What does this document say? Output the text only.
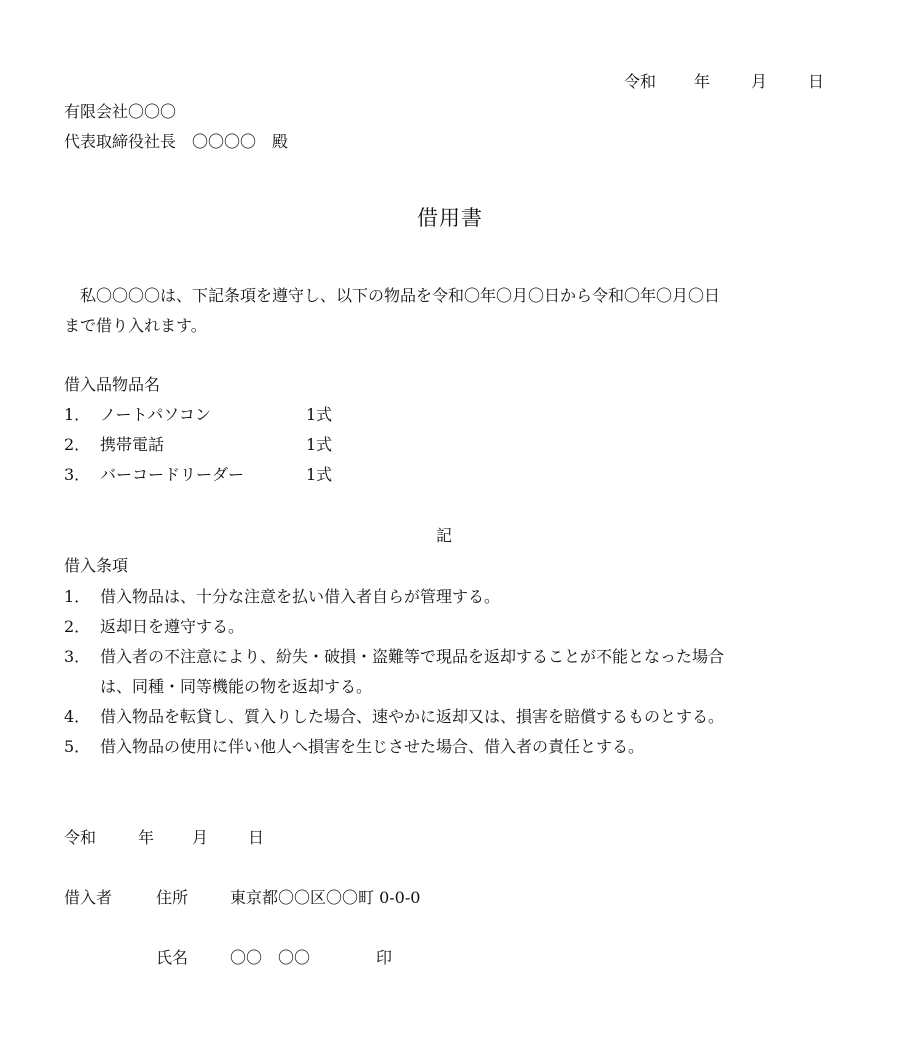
令和 年	月	日
有限会社〇〇〇
代表取締役社長　〇〇〇〇　殿
借用書
　私〇〇〇〇は、下記条項を遵守し、以下の物品を令和〇年〇月〇日から令和〇年〇月〇日
まで借り入れます。
借入品物品名
1． ノートパソコン	1式
2． 携帯電話	1式
3． バーコードリーダー	1式
記
借入条項
1． 借入物品は、十分な注意を払い借入者自らが管理する。
2． 返却日を遵守する。
3． 借入者の不注意により、紛失・破損・盗難等で現品を返却することが不能となった場合
は、同種・同等機能の物を返却する。
4． 借入物品を転貸し、質入りした場合、速やかに返却又は、損害を賠償するものとする。
5． 借入物品の使用に伴い他人へ損害を生じさせた場合、借入者の責任とする。
令和	年 月 日
借入者	住所	東京都〇〇区〇〇町 0-0-0
氏名	〇〇　〇〇	印
